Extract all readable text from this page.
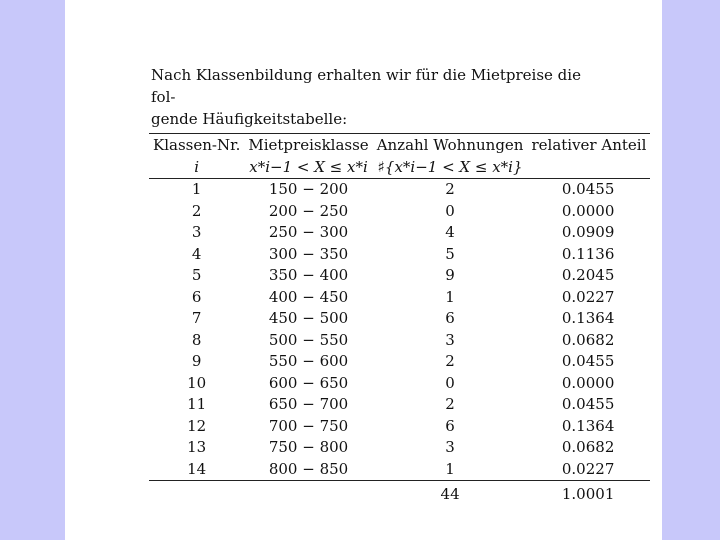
Nach Klassenbildung erhalten wir für die Mietpreise die fol-

gende Häufigkeitstabelle:

Klassen-Nr.	Mietpreisklasse	Anzahl Wohnungen	relativer Anteil
i	x*i−1 < X ≤ x*i	♯{x*i−1 < X ≤ x*i}	
1	150 − 200	2	0.0455
2	200 − 250	0	0.0000
3	250 − 300	4	0.0909
4	300 − 350	5	0.1136
5	350 − 400	9	0.2045
6	400 − 450	1	0.0227
7	450 − 500	6	0.1364
8	500 − 550	3	0.0682
9	550 − 600	2	0.0455
10	600 − 650	0	0.0000
11	650 − 700	2	0.0455
12	700 − 750	6	0.1364
13	750 − 800	3	0.0682
14	800 − 850	1	0.0227
		44	1.0001
